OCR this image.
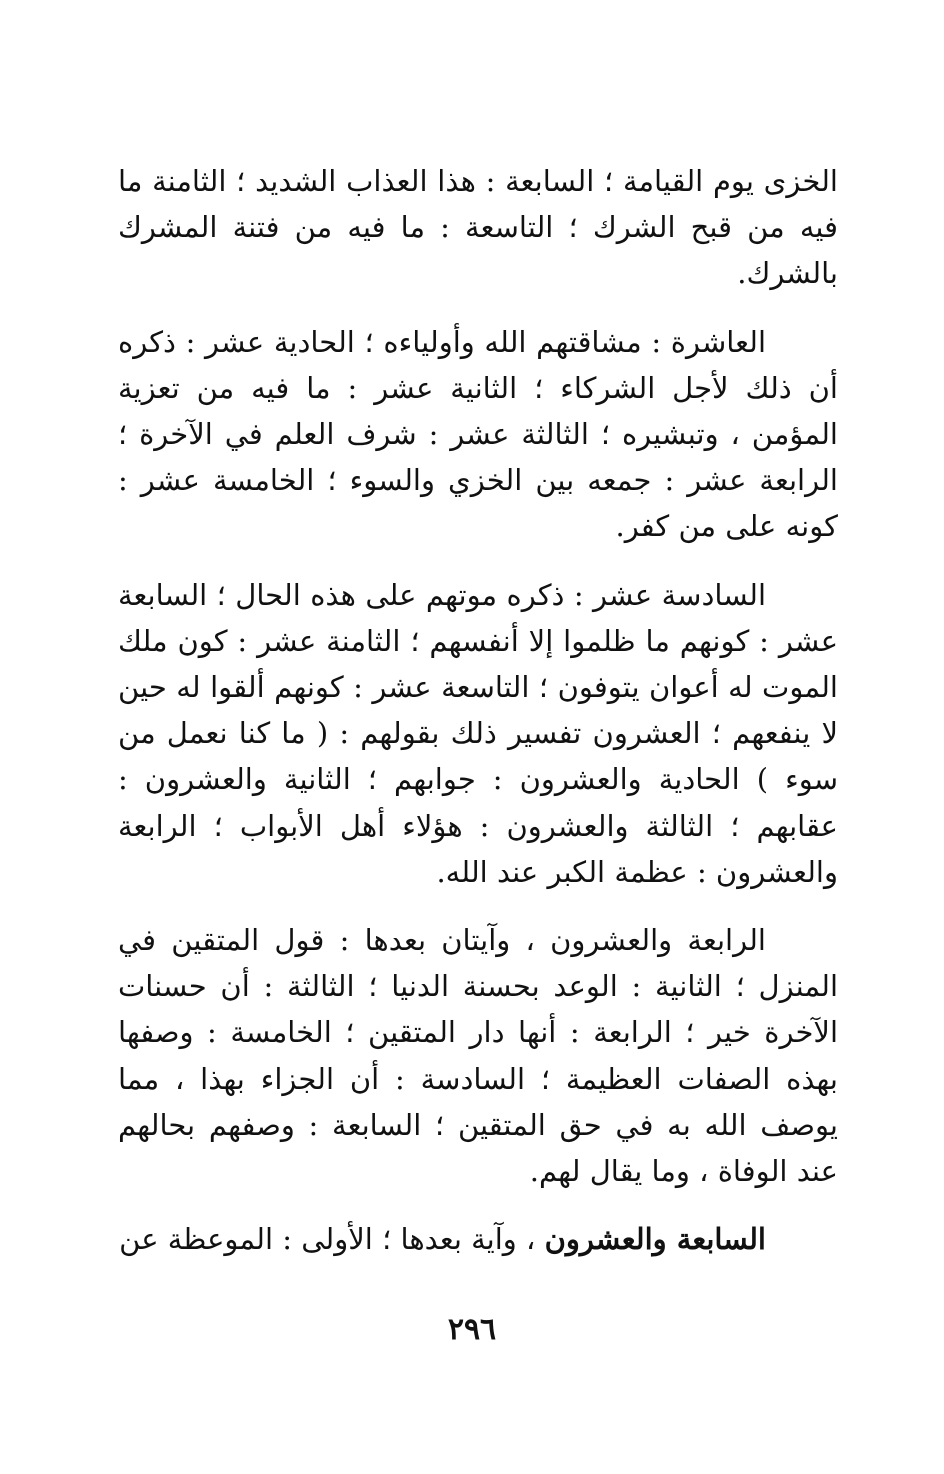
الخزى يوم القيامة ؛ السابعة : هذا العذاب الشديد ؛ الثامنة ما فيه من قبح الشرك ؛ التاسعة : ما فيه من فتنة المشرك بالشرك.

العاشرة : مشاقتهم الله وأولياءه ؛ الحادية عشر : ذكره أن ذلك لأجل الشركاء ؛ الثانية عشر : ما فيه من تعزية المؤمن ، وتبشيره ؛ الثالثة عشر : شرف العلم في الآخرة ؛ الرابعة عشر : جمعه بين الخزي والسوء ؛ الخامسة عشر : كونه على من كفر.

السادسة عشر : ذكره موتهم على هذه الحال ؛ السابعة عشر : كونهم ما ظلموا إلا أنفسهم ؛ الثامنة عشر : كون ملك الموت له أعوان يتوفون ؛ التاسعة عشر : كونهم ألقوا له حين لا ينفعهم ؛ العشرون تفسير ذلك بقولهم : ( ما كنا نعمل من سوء ) الحادية والعشرون : جوابهم ؛ الثانية والعشرون : عقابهم ؛ الثالثة والعشرون : هؤلاء أهل الأبواب ؛ الرابعة والعشرون : عظمة الكبر عند الله.

الرابعة والعشرون ، وآيتان بعدها : قول المتقين في المنزل ؛ الثانية : الوعد بحسنة الدنيا ؛ الثالثة : أن حسنات الآخرة خير ؛ الرابعة : أنها دار المتقين ؛ الخامسة : وصفها بهذه الصفات العظيمة ؛ السادسة : أن الجزاء بهذا ، مما يوصف الله به في حق المتقين ؛ السابعة : وصفهم بحالهم عند الوفاة ، وما يقال لهم.

السابعة والعشرون ، وآية بعدها ؛ الأولى : الموعظة عن

٢٩٦
